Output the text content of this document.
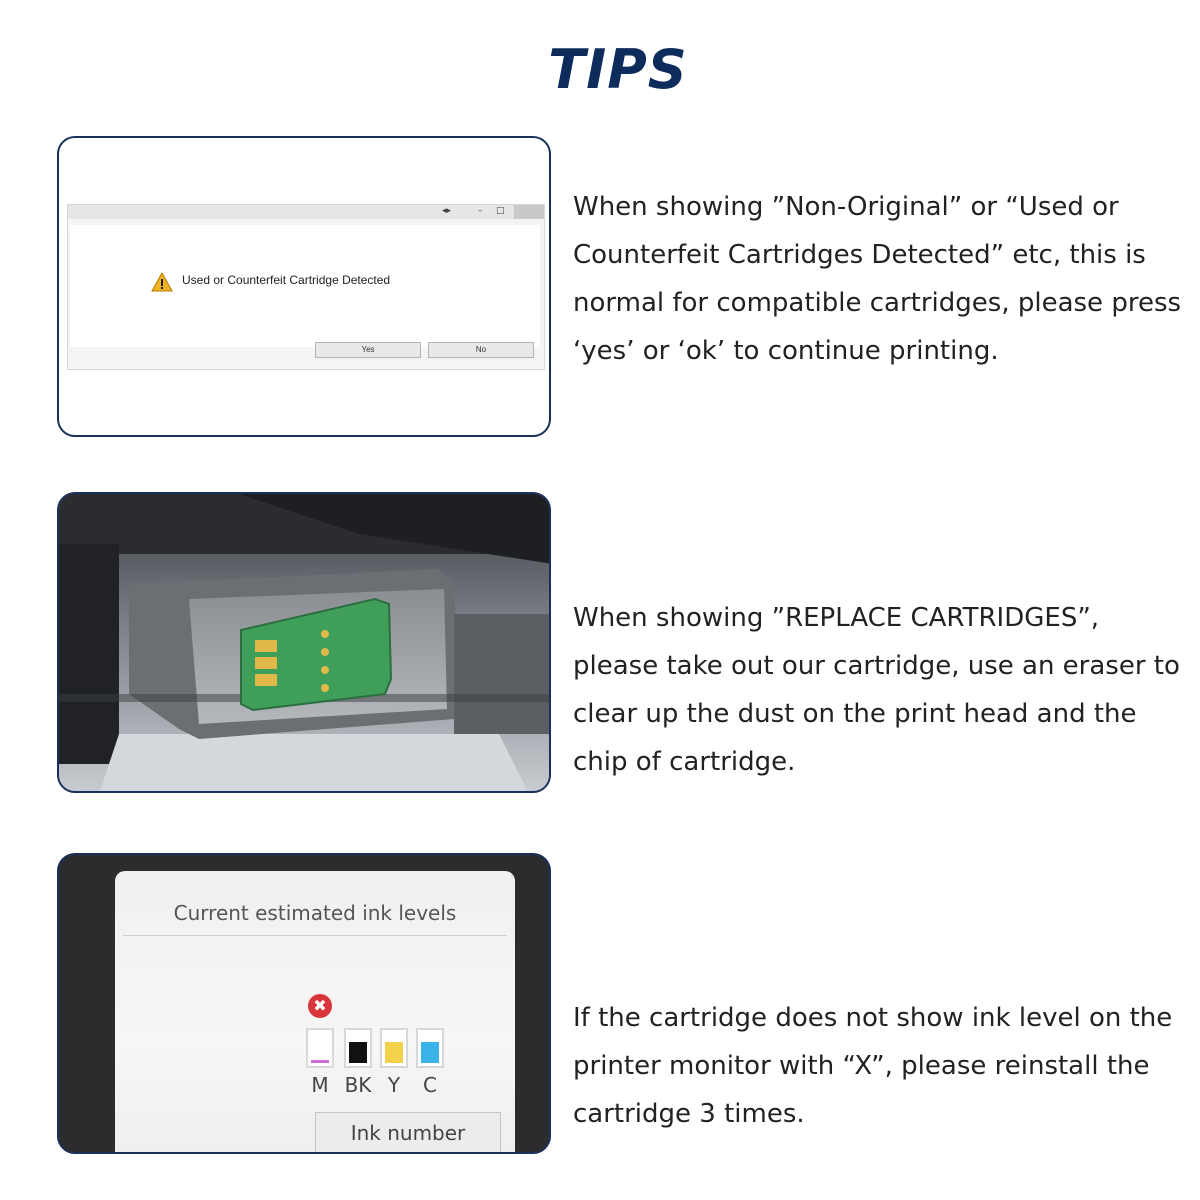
TIPS
◂▸	– □
Used or Counterfeit Cartridge Detected
Yes	No

When showing ”Non-Original” or “Used or Counterfeit Cartridges Detected” etc, this is normal for compatible cartridges, please press ‘yes’ or ‘ok’ to continue printing.

When showing ”REPLACE CARTRIDGES”, please take out our cartridge, use an eraser to clear up the dust on the print head and the chip of cartridge.

Current estimated ink levels
✖
M BK Y	C
Ink number

If the cartridge does not show ink level on the printer monitor with “X”, please reinstall the cartridge 3 times.
